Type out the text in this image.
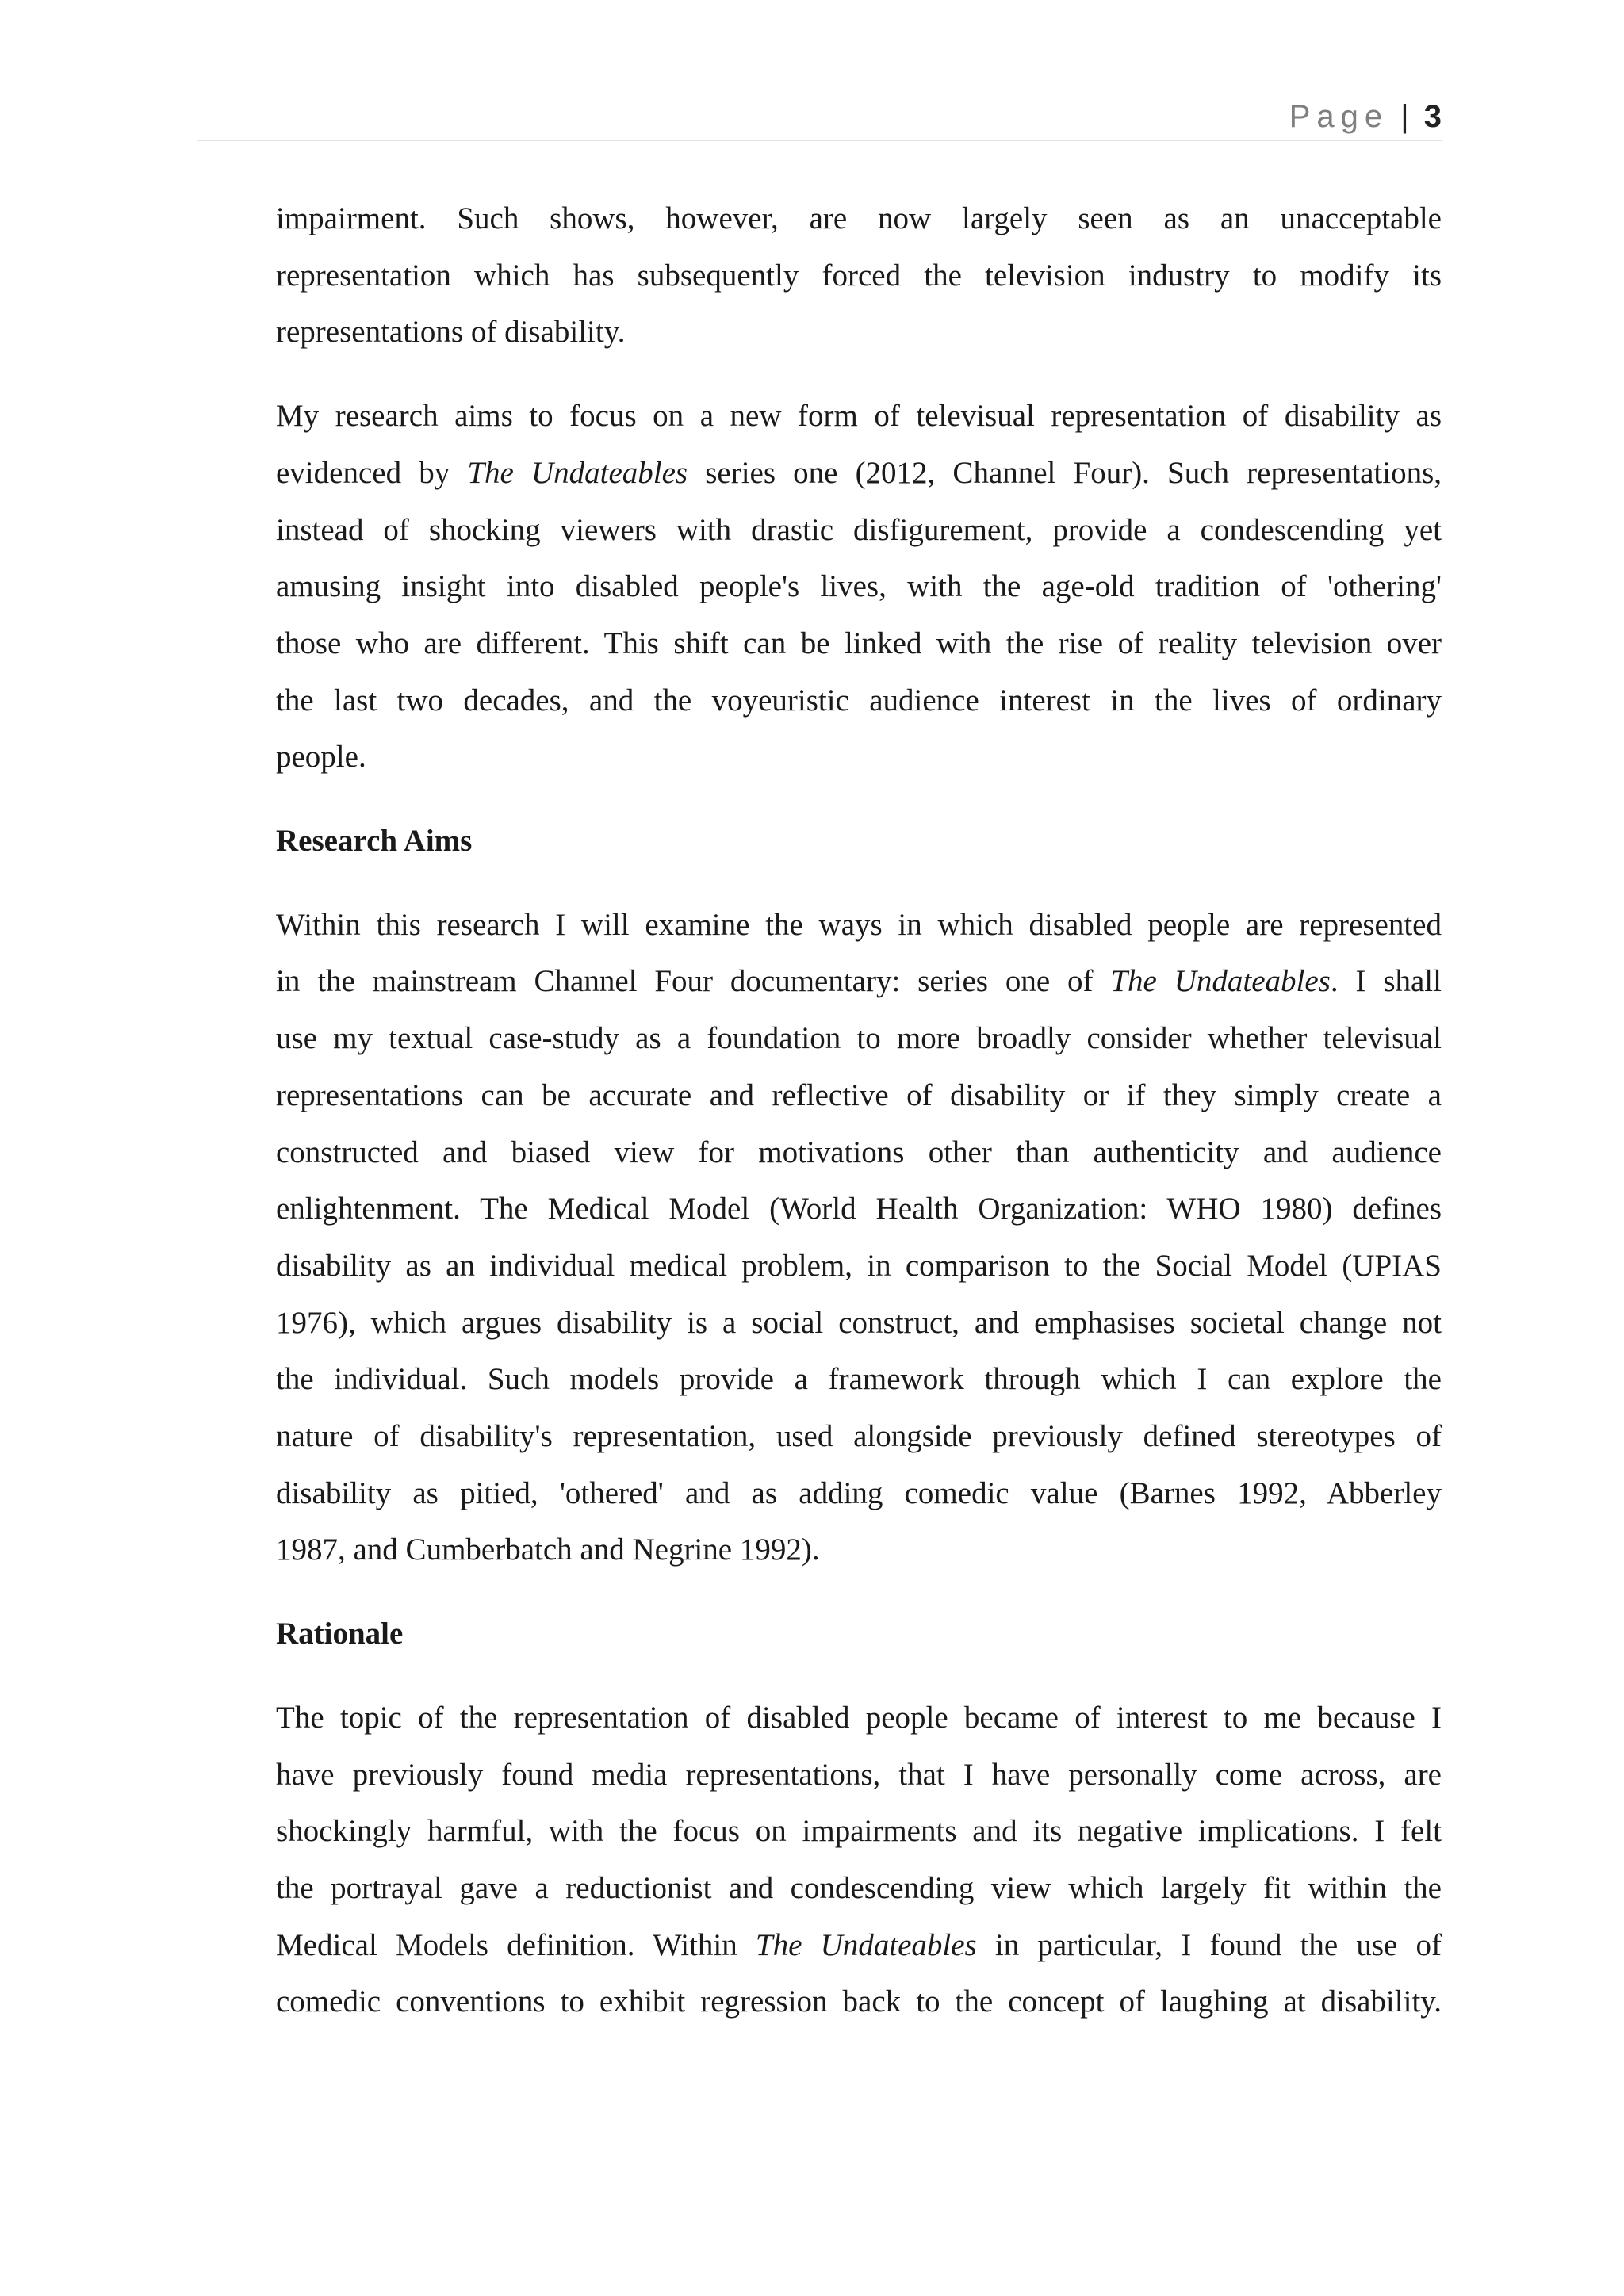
Page | 3

impairment. Such shows, however, are now largely seen as an unacceptable
representation which has subsequently forced the television industry to modify its
representations of disability.

My research aims to focus on a new form of televisual representation of disability as
evidenced by The Undateables series one (2012, Channel Four). Such representations,
instead of shocking viewers with drastic disfigurement, provide a condescending yet
amusing insight into disabled people's lives, with the age-old tradition of 'othering'
those who are different. This shift can be linked with the rise of reality television over
the last two decades, and the voyeuristic audience interest in the lives of ordinary
people.

Research Aims

Within this research I will examine the ways in which disabled people are represented
in the mainstream Channel Four documentary: series one of The Undateables. I shall
use my textual case-study as a foundation to more broadly consider whether televisual
representations can be accurate and reflective of disability or if they simply create a
constructed and biased view for motivations other than authenticity and audience
enlightenment. The Medical Model (World Health Organization: WHO 1980) defines
disability as an individual medical problem, in comparison to the Social Model (UPIAS
1976), which argues disability is a social construct, and emphasises societal change not
the individual. Such models provide a framework through which I can explore the
nature of disability's representation, used alongside previously defined stereotypes of
disability as pitied, 'othered' and as adding comedic value (Barnes 1992, Abberley
1987, and Cumberbatch and Negrine 1992).

Rationale

The topic of the representation of disabled people became of interest to me because I
have previously found media representations, that I have personally come across, are
shockingly harmful, with the focus on impairments and its negative implications. I felt
the portrayal gave a reductionist and condescending view which largely fit within the
Medical Models definition. Within The Undateables in particular, I found the use of
comedic conventions to exhibit regression back to the concept of laughing at disability.
